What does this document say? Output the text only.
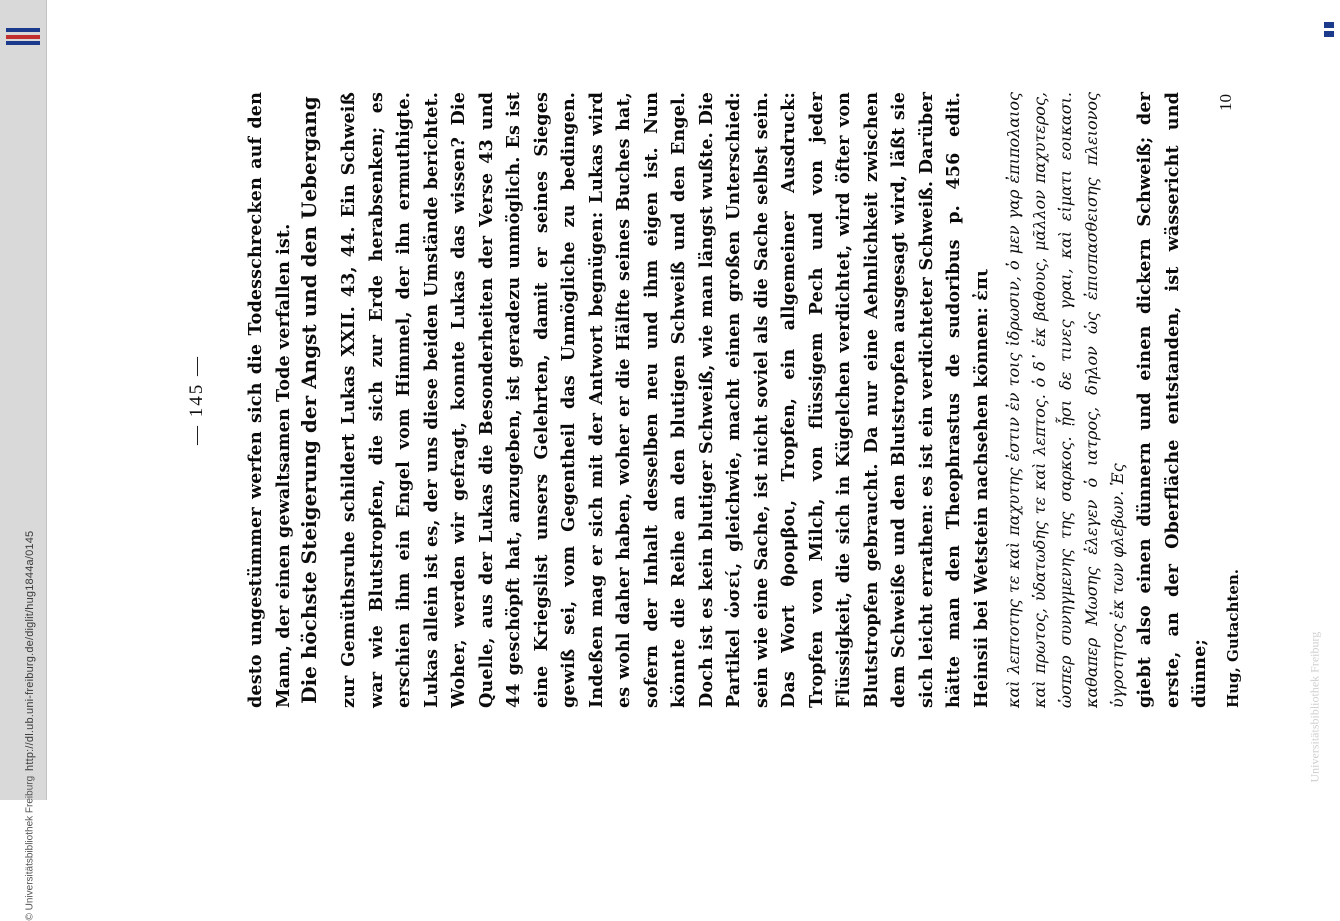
http://dl.ub.uni-freiburg.de/diglit/hug1844a/0145
© Universitätsbibliothek Freiburg
Universitätsbibliothek Freiburg
— 145 — desto ungestümmer werfen sich die Todesschrecken auf den Mann, der einen gewaltsamen Tode verfallen ist. Die höchste Steigerung der Angst und den Uebergang zur Gemüthsruhe schildert Lukas XXII. 43, 44. Ein Schweiß war wie Blutstropfen, die sich zur Erde herabsenken; es erschien ihm ein Engel vom Himmel, der ihn ermuthigte. Lukas allein ist es, der uns diese beiden Umstände berichtet. Woher, werden wir gefragt, konnte Lukas das wissen? Die Quelle, aus der Lukas die Besonderheiten der Verse 43 und 44 geschöpft hat, anzugeben, ist geradezu unmöglich. Es ist eine Kriegslist unsers Gelehrten, damit er seines Sieges gewiß sei, vom Gegentheil das Unmögliche zu bedingen. Indeßen mag er sich mit der Antwort begnügen: Lukas wird es wohl daher haben, woher er die Hälfte seines Buches hat, sofern der Inhalt desselben neu und ihm eigen ist. Nun könnte die Reihe an den blutigen Schweiß und den Engel. Doch ist es kein blutiger Schweiß, wie man längst wußte. Die Partikel ὡσεί, gleichwie, macht einen großen Unterschied: sein wie eine Sache, ist nicht soviel als die Sache selbst sein. Das Wort θρομβοι, Tropfen, ein allgemeiner Ausdruck: Tropfen von Milch, von flüssigem Pech und von jeder Flüssigkeit, die sich in Kügelchen verdichtet, wird öfter von Blutstropfen gebraucht. Da nur eine Aehnlichkeit zwischen dem Schweiße und den Blutstropfen ausgesagt wird, läßt sie sich leicht errathen: es ist ein verdichteter Schweiß. Darüber hätte man den Theophrastus de sudoribus p. 456 edit. Heinsii bei Wetstein nachsehen können: ἐπι καὶ λεπτοτης τε καὶ παχυτης ἐστιν ἐν τοις ἱδρωσιν, ὁ μεν γαρ ἐπιπολαιος καὶ πρωτος, ὑδατωδης τε καὶ λεπτος. ὁ δ᾿ ἐκ βαθους, μᾶλλον παχυτερος, ὡσπερ συνηγμενης της σαρκος. ᾗσι δε τινες γραι, καὶ εἱματι εοικασι. καθαπερ Μωσης ἐλεγεν ὁ ιατρος, δηλον ὡς ἐπισπασθεισης πλειονος ὑγροτητος ἐκ των φλεβων. Ἑς giebt also einen dünnern und einen dickern Schweiß; der erste, an der Oberfläche entstanden, ist wässericht und dünne; Hug, Gutachten.
10
